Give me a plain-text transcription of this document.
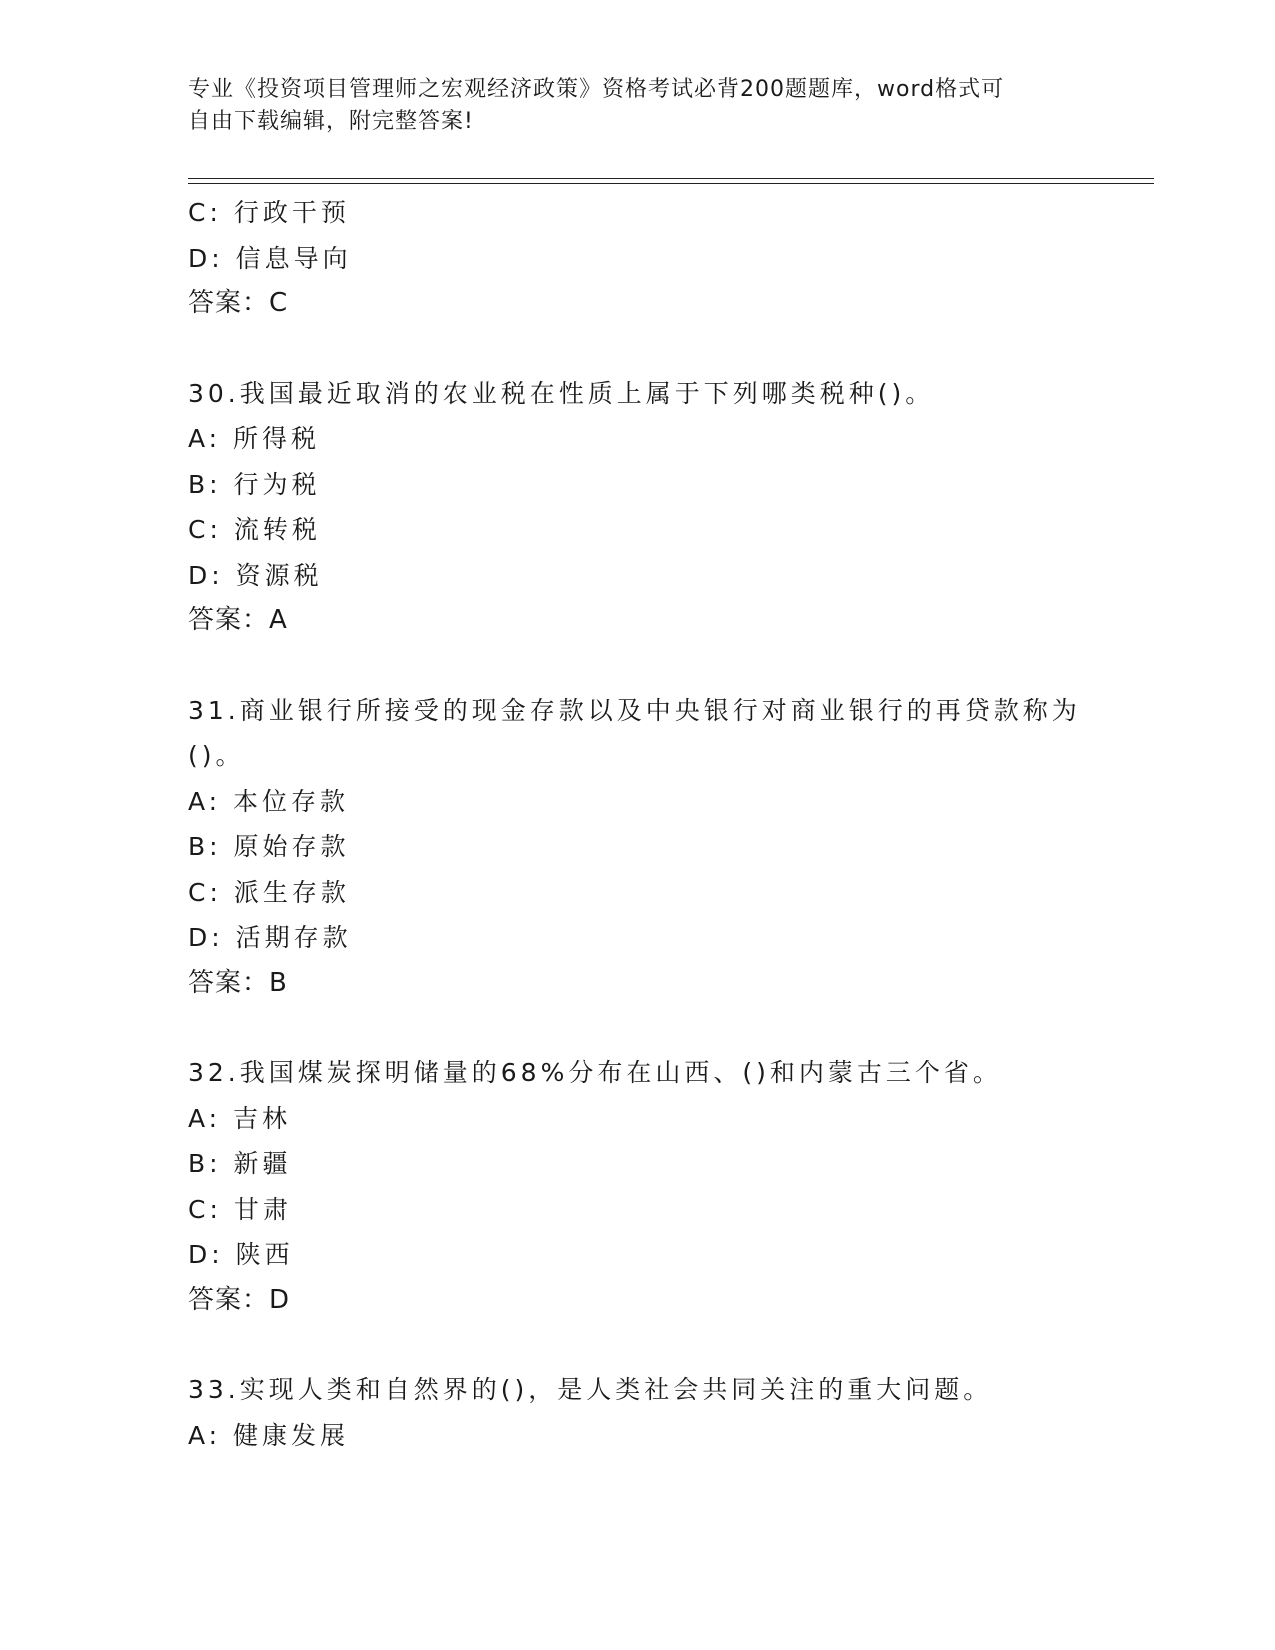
专业《投资项目管理师之宏观经济政策》资格考试必背200题题库，word格式可
自由下载编辑，附完整答案!
C: 行政干预
D: 信息导向
答案：C
30.我国最近取消的农业税在性质上属于下列哪类税种()。
A: 所得税
B: 行为税
C: 流转税
D: 资源税
答案：A
31.商业银行所接受的现金存款以及中央银行对商业银行的再贷款称为
()。
A: 本位存款
B: 原始存款
C: 派生存款
D: 活期存款
答案：B
32.我国煤炭探明储量的68%分布在山西、()和内蒙古三个省。
A: 吉林
B: 新疆
C: 甘肃
D: 陕西
答案：D
33.实现人类和自然界的()，是人类社会共同关注的重大问题。
A: 健康发展
